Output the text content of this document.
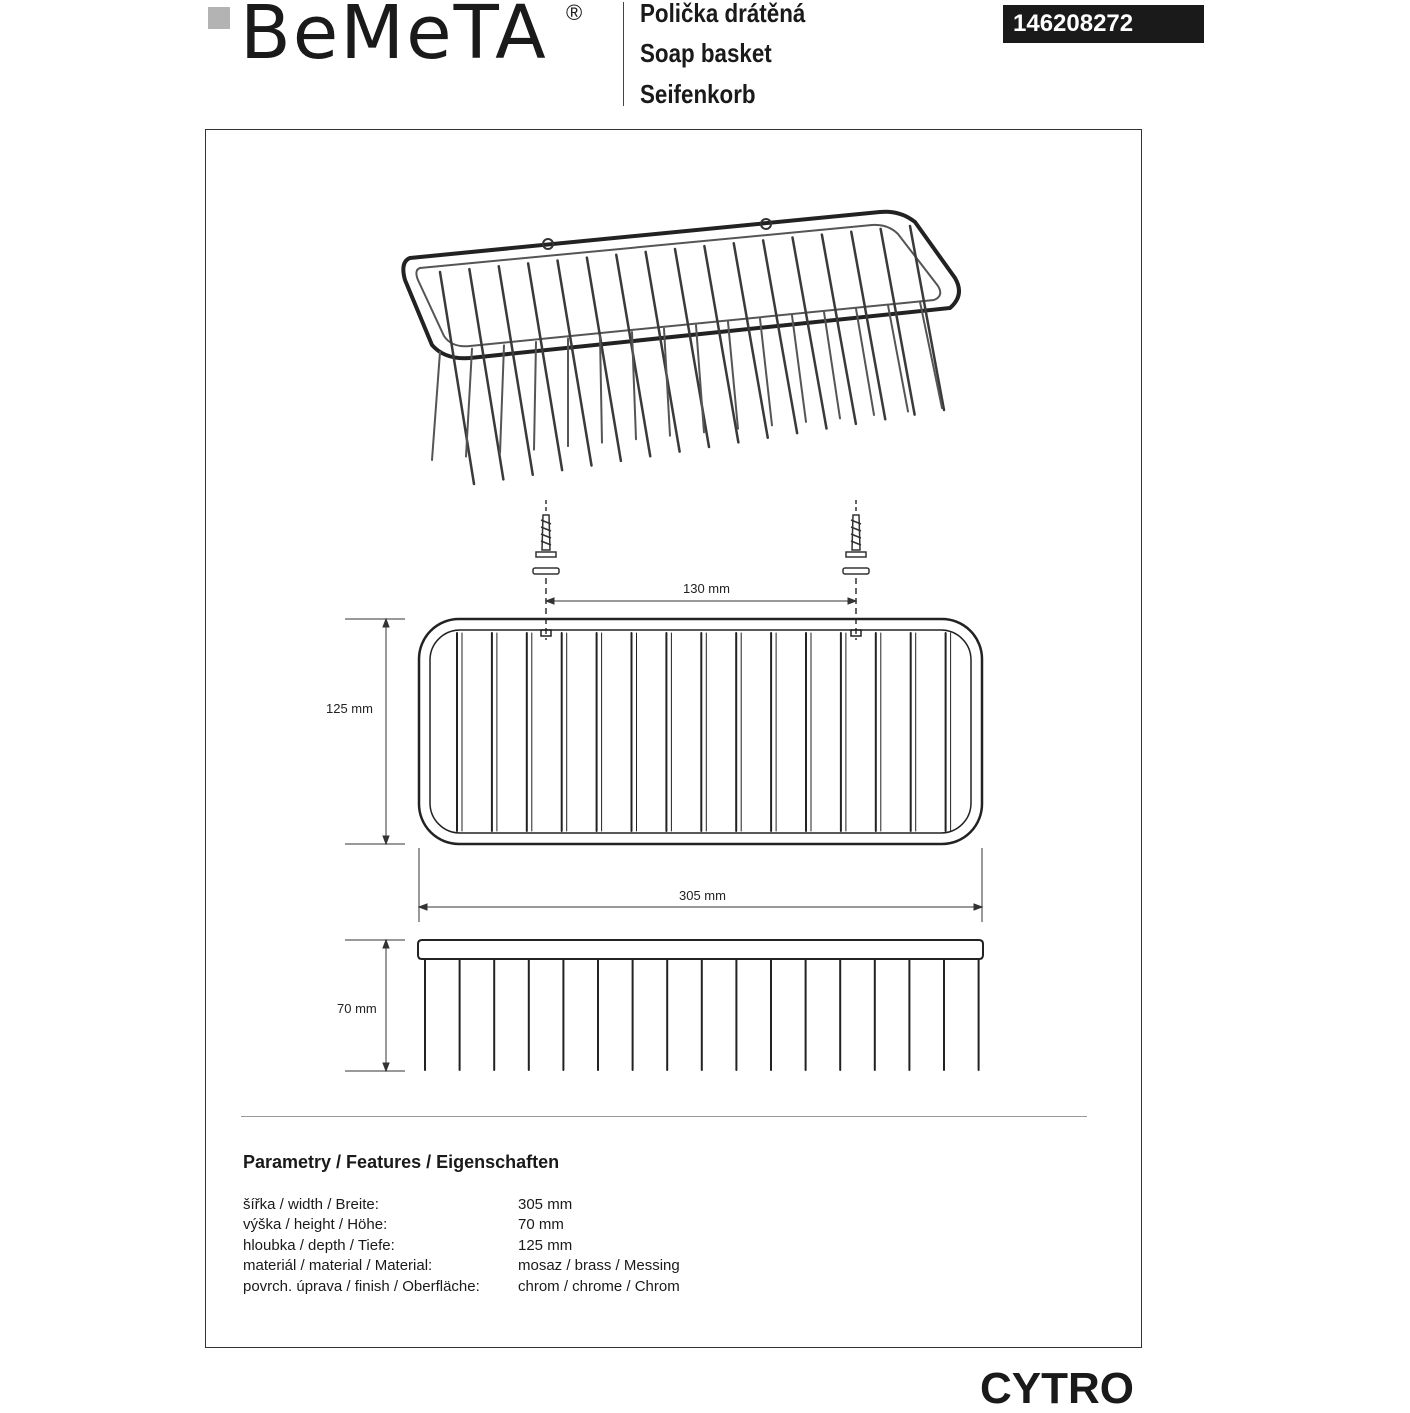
BeMeTA ® Polička drátěná
Soap basket
Seifenkorb
146208272
130 mm
125 mm
305 mm
70 mm
Parametry / Features / Eigenschaften
šířka / width / Breite:	305 mm
výška / height / Höhe:	70 mm
hloubka / depth / Tiefe:	125 mm
materiál / material / Material:	mosaz / brass / Messing
povrch. úprava / finish / Oberfläche:	chrom / chrome / Chrom
CYTRO
